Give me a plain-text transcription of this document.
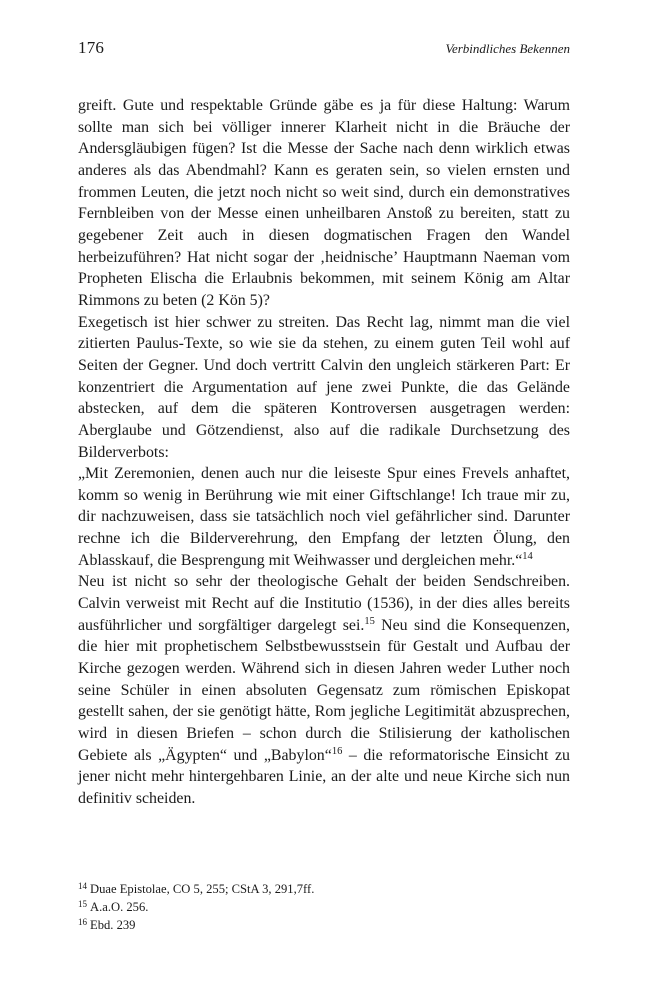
176	Verbindliches Bekennen

greift. Gute und respektable Gründe gäbe es ja für diese Haltung: Warum sollte man sich bei völliger innerer Klarheit nicht in die Bräuche der Andersgläubigen fügen? Ist die Messe der Sache nach denn wirklich etwas anderes als das Abendmahl? Kann es geraten sein, so vielen ernsten und frommen Leuten, die jetzt noch nicht so weit sind, durch ein demonstratives Fernbleiben von der Messe einen unheilbaren Anstoß zu bereiten, statt zu gegebener Zeit auch in diesen dogmatischen Fragen den Wandel herbeizuführen? Hat nicht sogar der ‚heidnische’ Hauptmann Naeman vom Propheten Elischa die Erlaubnis bekommen, mit seinem König am Altar Rimmons zu beten (2 Kön 5)?

Exegetisch ist hier schwer zu streiten. Das Recht lag, nimmt man die viel zitierten Paulus-Texte, so wie sie da stehen, zu einem guten Teil wohl auf Seiten der Gegner. Und doch vertritt Calvin den ungleich stärkeren Part: Er konzentriert die Argumentation auf jene zwei Punkte, die das Gelände abstecken, auf dem die späteren Kontroversen ausgetragen werden: Aberglaube und Götzendienst, also auf die radikale Durchsetzung des Bilderverbots:

„Mit Zeremonien, denen auch nur die leiseste Spur eines Frevels anhaftet, komm so wenig in Berührung wie mit einer Giftschlange! Ich traue mir zu, dir nachzuweisen, dass sie tatsächlich noch viel gefährlicher sind. Darunter rechne ich die Bilderverehrung, den Empfang der letzten Ölung, den Ablasskauf, die Besprengung mit Weihwasser und dergleichen mehr.“$^{14}$

Neu ist nicht so sehr der theologische Gehalt der beiden Sendschreiben. Calvin verweist mit Recht auf die Institutio (1536), in der dies alles bereits ausführlicher und sorgfältiger dargelegt sei.$^{15}$ Neu sind die Konsequenzen, die hier mit prophetischem Selbstbewusstsein für Gestalt und Aufbau der Kirche gezogen werden. Während sich in diesen Jahren weder Luther noch seine Schüler in einen absoluten Gegensatz zum römischen Episkopat gestellt sahen, der sie genötigt hätte, Rom jegliche Legitimität abzusprechen, wird in diesen Briefen – schon durch die Stilisierung der katholischen Gebiete als „Ägypten“ und „Babylon“$^{16}$ – die reformatorische Einsicht zu jener nicht mehr hintergehbaren Linie, an der alte und neue Kirche sich nun definitiv scheiden.

14 Duae Epistolae, CO 5, 255; CStA 3, 291,7ff.

15 A.a.O. 256.

16 Ebd. 239
